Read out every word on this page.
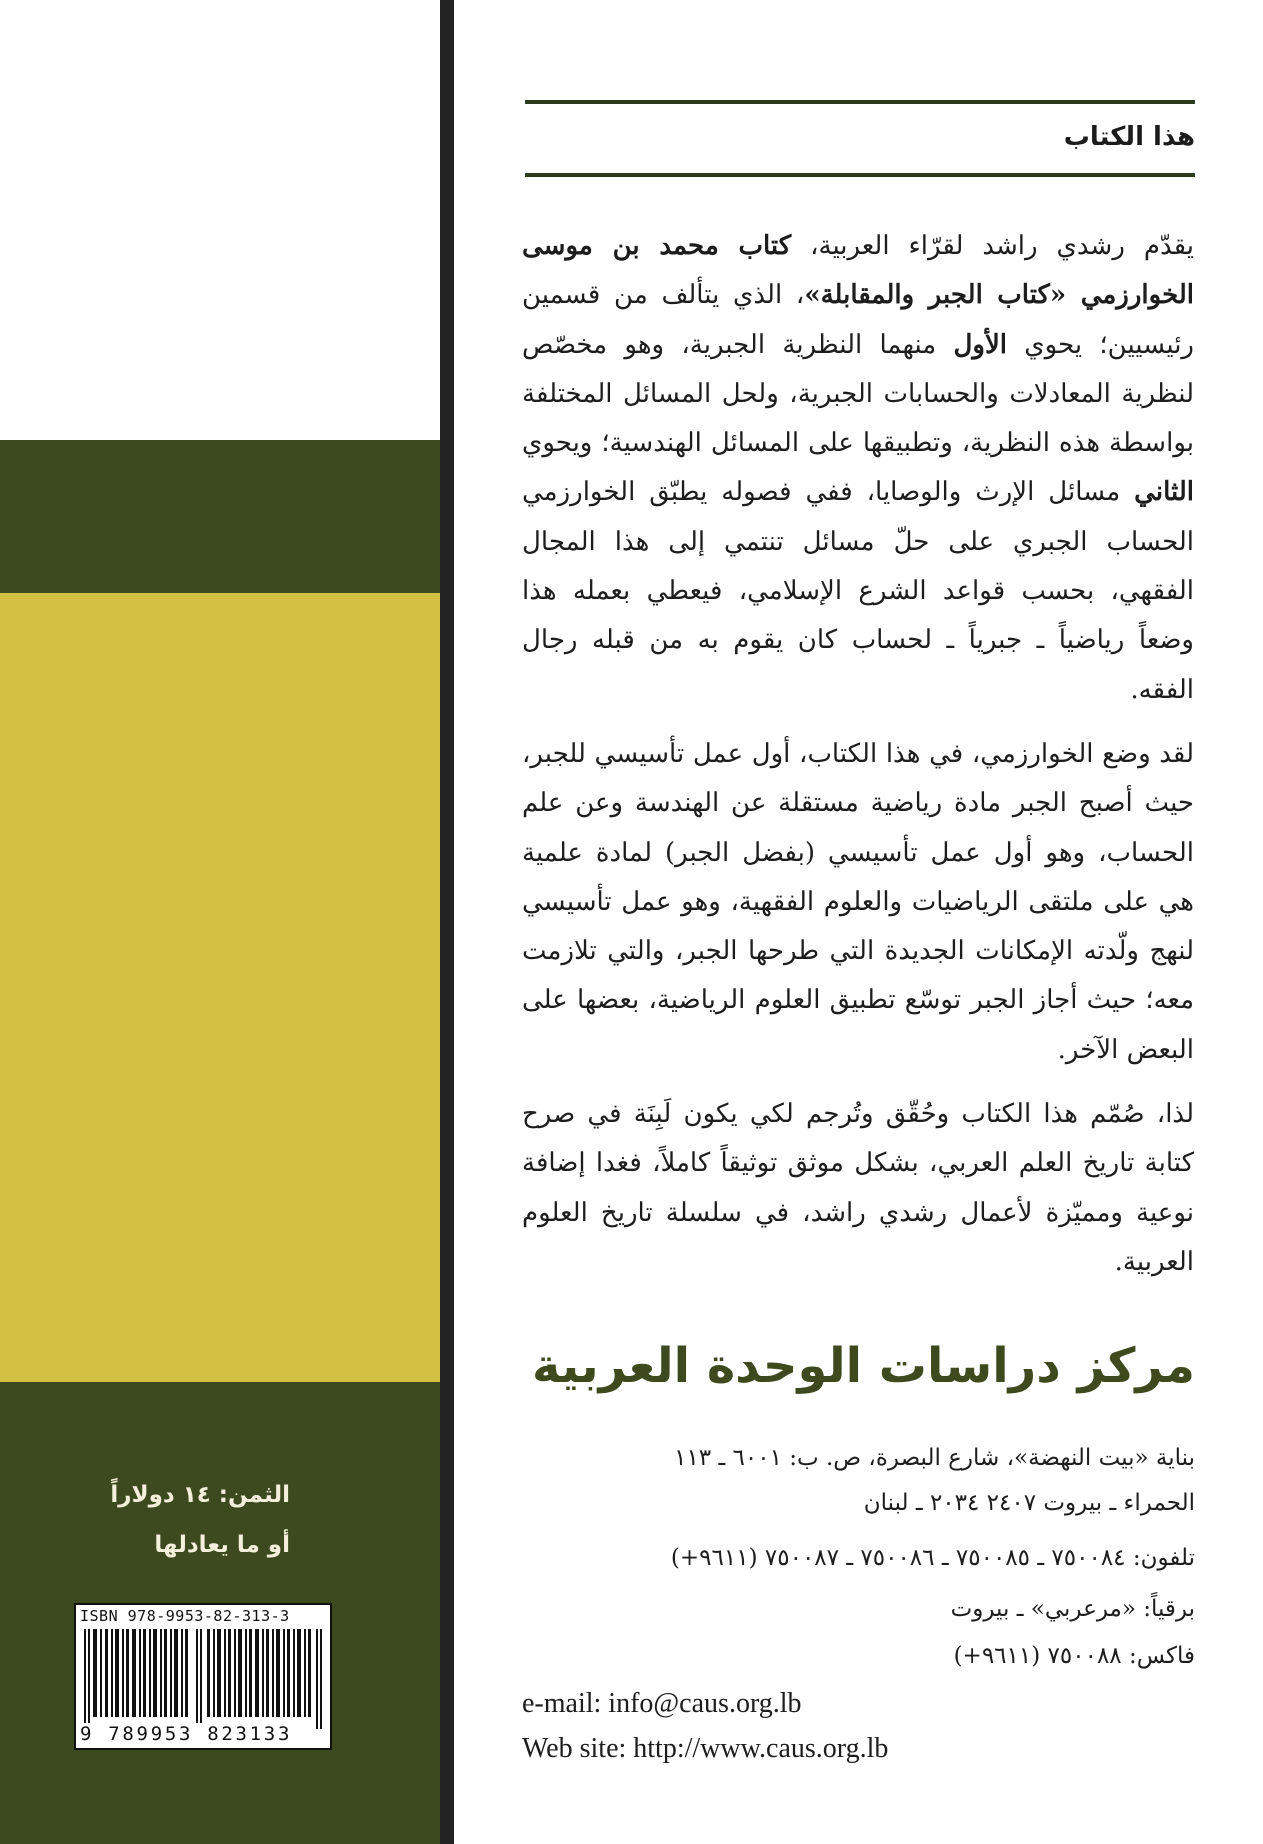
الثمن: ١٤ دولاراً
أو ما يعادلها
ISBN 978-9953-82-313-3
9 789953 823133
هذا الكتاب

يقدّم رشدي راشد لقرّاء العربية، كتاب محمد بن موسى الخوارزمي «كتاب الجبر والمقابلة»، الذي يتألف من قسمين رئيسيين؛ يحوي الأول منهما النظرية الجبرية، وهو مخصّص لنظرية المعادلات والحسابات الجبرية، ولحل المسائل المختلفة بواسطة هذه النظرية، وتطبيقها على المسائل الهندسية؛ ويحوي الثاني مسائل الإرث والوصايا، ففي فصوله يطبّق الخوارزمي الحساب الجبري على حلّ مسائل تنتمي إلى هذا المجال الفقهي، بحسب قواعد الشرع الإسلامي، فيعطي بعمله هذا وضعاً رياضياً ـ جبرياً ـ لحساب كان يقوم به من قبله رجال الفقه.

لقد وضع الخوارزمي، في هذا الكتاب، أول عمل تأسيسي للجبر، حيث أصبح الجبر مادة رياضية مستقلة عن الهندسة وعن علم الحساب، وهو أول عمل تأسيسي (بفضل الجبر) لمادة علمية هي على ملتقى الرياضيات والعلوم الفقهية، وهو عمل تأسيسي لنهج ولّدته الإمكانات الجديدة التي طرحها الجبر، والتي تلازمت معه؛ حيث أجاز الجبر توسّع تطبيق العلوم الرياضية، بعضها على البعض الآخر.

لذا، صُمّم هذا الكتاب وحُقّق وتُرجم لكي يكون لَبِنَة في صرح كتابة تاريخ العلم العربي، بشكل موثق توثيقاً كاملاً، فغدا إضافة نوعية ومميّزة لأعمال رشدي راشد، في سلسلة تاريخ العلوم العربية.

مركز دراسات الوحدة العربية
بناية «بيت النهضة»، شارع البصرة، ص. ب: ٦٠٠١ ـ ١١٣
الحمراء ـ بيروت ٢٤٠٧ ٢٠٣٤ ـ لبنان
تلفون: ٧٥٠٠٨٤ ـ ٧٥٠٠٨٥ ـ ٧٥٠٠٨٦ ـ ٧٥٠٠٨٧ (٩٦١١+)
برقياً: «مرعربي» ـ بيروت
فاكس: ٧٥٠٠٨٨ (٩٦١١+)
e-mail: info@caus.org.lb
Web site: http://www.caus.org.lb
